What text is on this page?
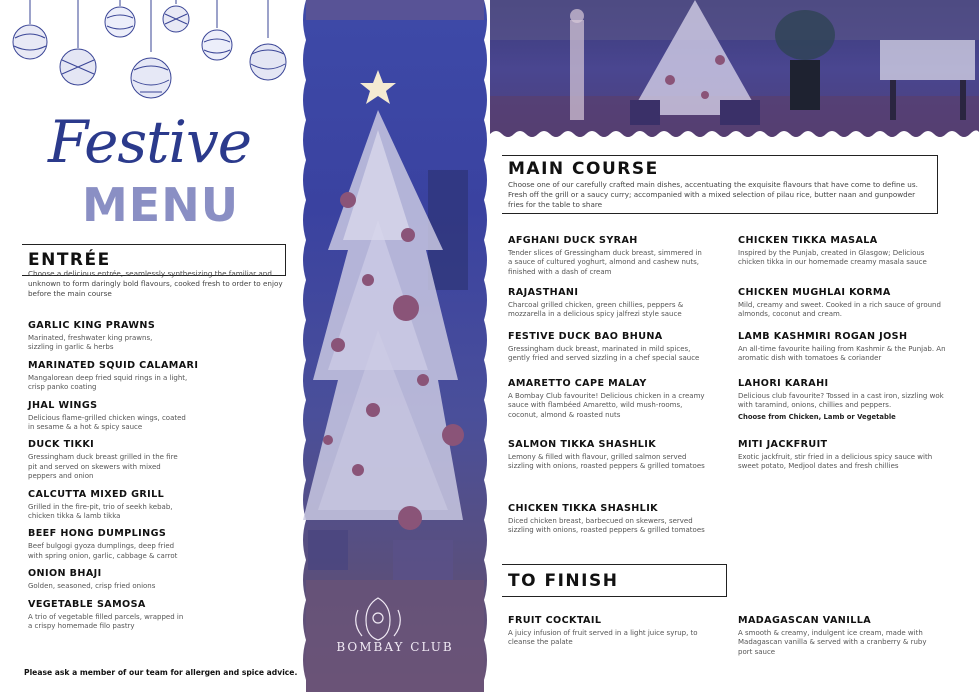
Festive
MENU
ENTRÉE
Choose a delicious entrée, seamlessly synthesizing the familiar and unknown to form daringly bold flavours, cooked fresh to order to enjoy before the main course
GARLIC KING PRAWNS
Marinated, freshwater king prawns, sizzling in garlic & herbs
MARINATED SQUID CALAMARI
Mangalorean deep fried squid rings in a light, crisp panko coating
JHAL WINGS
Delicious flame-grilled chicken wings, coated in sesame & a hot & spicy sauce
DUCK TIKKI
Gressingham duck breast grilled in the fire pit and served on skewers with mixed peppers and onion
CALCUTTA MIXED GRILL
Grilled in the fire-pit, trio of seekh kebab, chicken tikka & lamb tikka
BEEF HONG DUMPLINGS
Beef bulgogi gyoza dumplings, deep fried with spring onion, garlic, cabbage & carrot
ONION BHAJI
Golden, seasoned, crisp fried onions
VEGETABLE SAMOSA
A trio of vegetable filled parcels, wrapped in a crispy homemade filo pastry
Please ask a member of our team for allergen and spice advice.
BOMBAY CLUB
MAIN COURSE
Choose one of our carefully crafted main dishes, accentuating the exquisite flavours that have come to define us. Fresh off the grill or a saucy curry; accompanied with a mixed selection of pilau rice, butter naan and gunpowder fries for the table to share
AFGHANI DUCK SYRAH
Tender slices of Gressingham duck breast, simmered in a sauce of cultured yoghurt, almond and cashew nuts, finished with a dash of cream
RAJASTHANI
Charcoal grilled chicken, green chillies, peppers & mozzarella in a delicious spicy jalfrezi style sauce
FESTIVE DUCK BAO BHUNA
Gressingham duck breast, marinated in mild spices, gently fried and served sizzling in a chef special sauce
AMARETTO CAPE MALAY
A Bombay Club favourite! Delicious chicken in a creamy sauce with flambéed Amaretto, wild mush-rooms, coconut, almond & roasted nuts
SALMON TIKKA SHASHLIK
Lemony & filled with flavour, grilled salmon served sizzling with onions, roasted peppers & grilled tomatoes
CHICKEN TIKKA SHASHLIK
Diced chicken breast, barbecued on skewers, served sizzling with onions, roasted peppers & grilled tomatoes
CHICKEN TIKKA MASALA
Inspired by the Punjab, created in Glasgow; Delicious chicken tikka in our homemade creamy masala sauce
CHICKEN MUGHLAI KORMA
Mild, creamy and sweet. Cooked in a rich sauce of ground almonds, coconut and cream.
LAMB KASHMIRI ROGAN JOSH
An all-time favourite hailing from Kashmir & the Punjab. An aromatic dish with tomatoes & coriander
LAHORI KARAHI
Delicious club favourite? Tossed in a cast iron, sizzling wok with taramind, onions, chillies and peppers.
Choose from Chicken, Lamb or Vegetable
MITI JACKFRUIT
Exotic jackfruit, stir fried in a delicious spicy sauce with sweet potato, Medjool dates and fresh chillies
TO FINISH
FRUIT COCKTAIL
A juicy infusion of fruit served in a light juice syrup, to cleanse the palate
MADAGASCAN VANILLA
A smooth & creamy, indulgent ice cream, made with Madagascan vanilla & served with a cranberry & ruby port sauce
